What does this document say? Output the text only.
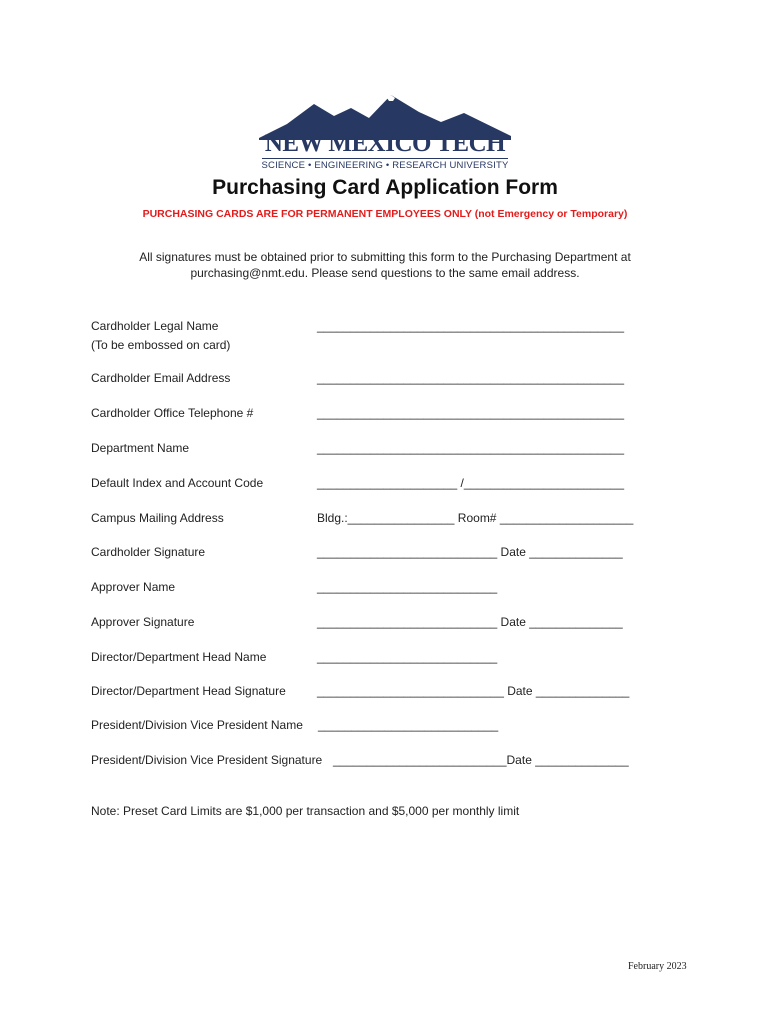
NEW MEXICO TECH
SCIENCE • ENGINEERING • RESEARCH UNIVERSITY
Purchasing Card Application Form
PURCHASING CARDS ARE FOR PERMANENT EMPLOYEES ONLY (not Emergency or Temporary)
All signatures must be obtained prior to submitting this form to the Purchasing Department at purchasing@nmt.edu. Please send questions to the same email address.
Cardholder Legal Name
(To be embossed on card)
______________________________________________
Cardholder Email Address	______________________________________________
Cardholder Office Telephone #	______________________________________________
Department Name	______________________________________________
Default Index and Account Code	_____________________ /________________________
Campus Mailing Address	Bldg.:________________ Room# ____________________
Cardholder Signature	___________________________ Date ______________
Approver Name	___________________________
Approver Signature	___________________________ Date ______________
Director/Department Head Name	___________________________
Director/Department Head Signature	____________________________ Date ______________
President/Division Vice President Name ___________________________
President/Division Vice President Signature __________________________Date ______________
Note: Preset Card Limits are $1,000 per transaction and $5,000 per monthly limit
February 2023
